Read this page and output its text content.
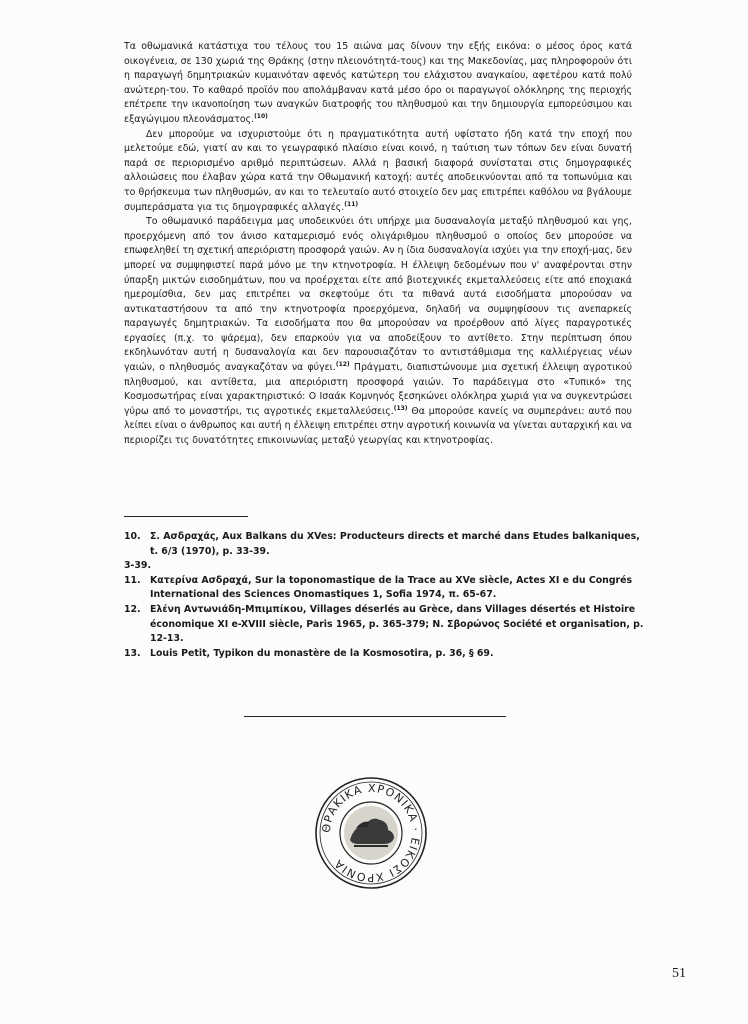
Τα οθωμανικά κατάστιχα του τέλους του 15 αιώνα μας δίνουν την εξής εικόνα: ο μέσος όρος κατά οικογένεια, σε 130 χωριά της Θράκης (στην πλειονότητά-τους) και της Μακεδονίας, μας πληροφορούν ότι η παραγωγή δημητριακών κυμαινόταν αφενός κατώτερη του ελάχιστου αναγκαίου, αφετέρου κατά πολύ ανώτερη-του. Το καθαρό προϊόν που απολάμβαναν κατά μέσο όρο οι παραγωγοί ολόκληρης της περιοχής επέτρεπε την ικανοποίηση των αναγκών διατροφής του πληθυσμού και την δημιουργία εμπορεύσιμου και εξαγώγιμου πλεονάσματος.$^{(10)}$

Δεν μπορούμε να ισχυριστούμε ότι η πραγματικότητα αυτή υφίστατο ήδη κατά την εποχή που μελετούμε εδώ, γιατί αν και το γεωγραφικό πλαίσιο είναι κοινό, η ταύτιση των τόπων δεν είναι δυνατή παρά σε περιορισμένο αριθμό περιπτώσεων. Αλλά η βασική διαφορά συνίσταται στις δημογραφικές αλλοιώσεις που έλαβαν χώρα κατά την Οθωμανική κατοχή: αυτές αποδεικνύονται από τα τοπωνύμια και το θρήσκευμα των πληθυσμών, αν και το τελευταίο αυτό στοιχείο δεν μας επιτρέπει καθόλου να βγάλουμε συμπεράσματα για τις δημογραφικές αλλαγές.$^{(11)}$

Το οθωμανικό παράδειγμα μας υποδεικνύει ότι υπήρχε μια δυσαναλογία μεταξύ πληθυσμού και γης, προερχόμενη από τον άνισο καταμερισμό ενός ολιγάριθμου πληθυσμού ο οποίος δεν μπορούσε να επωφεληθεί τη σχετική απεριόριστη προσφορά γαιών. Αν η ίδια δυσαναλογία ισχύει για την εποχή-μας, δεν μπορεί να συμψηφιστεί παρά μόνο με την κτηνοτροφία. Η έλλειψη δεδομένων που ν' αναφέρονται στην ύπαρξη μικτών εισοδημάτων, που να προέρχεται είτε από βιοτεχνικές εκμεταλλεύσεις είτε από εποχιακά ημερομίσθια, δεν μας επιτρέπει να σκεφτούμε ότι τα πιθανά αυτά εισοδήματα μπορούσαν να αντικαταστήσουν τα από την κτηνοτροφία προερχόμενα, δηλαδή να συμψηφίσουν τις ανεπαρκείς παραγωγές δημητριακών. Τα εισοδήματα που θα μπορούσαν να προέρθουν από λίγες παραγροτικές εργασίες (π.χ. το ψάρεμα), δεν επαρκούν για να αποδείξουν το αντίθετο. Στην περίπτωση όπου εκδηλωνόταν αυτή η δυσαναλογία και δεν παρουσιαζόταν το αντιστάθμισμα της καλλιέργειας νέων γαιών, ο πληθυσμός αναγκαζόταν να φύγει.$^{(12)}$ Πράγματι, διαπιστώνουμε μια σχετική έλλειψη αγροτικού πληθυσμού, και αντίθετα, μια απεριόριστη προσφορά γαιών. Το παράδειγμα στο «Τυπικό» της Κοσμοσωτήρας είναι χαρακτηριστικό: Ο Ισαάκ Κομνηνός ξεσηκώνει ολόκληρα χωριά για να συγκεντρώσει γύρω από το μοναστήρι, τις αγροτικές εκμεταλλεύσεις.$^{(13)}$ Θα μπορούσε κανείς να συμπεράνει: αυτό που λείπει είναι ο άνθρωπος και αυτή η έλλειψη επιτρέπει στην αγροτική κοινωνία να γίνεται αυταρχική και να περιορίζει τις δυνατότητες επικοινωνίας μεταξύ γεωργίας και κτηνοτροφίας.

10. Σ. Ασδραχάς, Aux Balkans du XVes: Producteurs directs et marché dans Etudes balkaniques, t. 6/3 (1970), p. 33-39.
3-39.
11. Κατερίνα Ασδραχά, Sur la toponomastique de la Trace au XVe siècle, Actes XI e du Congrés International des Sciences Onomastiques 1, Sofia 1974, π. 65-67.
12. Ελένη Αντωνιάδη-Μπιμπίκου, Villages déserlés au Grèce, dans Villages désertés et Histoire économique XI e-XVIII siècle, Paris 1965, p. 365-379; Ν. Σβορώνος Société et organisation, p. 12-13.
13. Louis Petit, Typikon du monastère de la Kosmosotira, p. 36, § 69.
ΘΡΑΚΙΚΑ ΧΡΟΝΙΚΑ · ΕΙΚΟΣΙ ΧΡΟΝΙΑ
51
